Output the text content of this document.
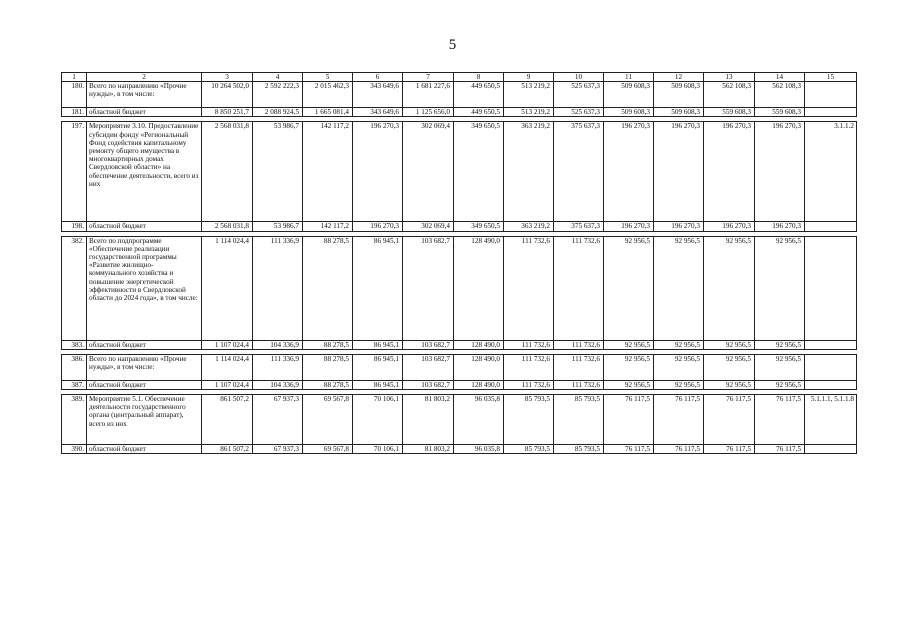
5
1	2	3	4	5	6	7	8	9	10	11	12	13	14	15
180.	Всего по направлению «Прочие нужды», в том числе:	10 264 502,0	2 592 222,3	2 015 462,3	343 649,6	1 681 227,6	449 650,5	513 219,2	525 637,3	509 608,3	509 608,3	562 108,3	562 108,3	
181.	областной бюджет	8 850 251,7	2 088 924,5	1 665 081,4	343 649,6	1 125 656,0	449 650,5	513 219,2	525 637,3	509 608,3	509 608,3	559 608,3	559 608,3	

197.	Мероприятие 3.10. Предоставление субсидии фонду «Региональный Фонд содействия капитальному ремонту общего имущества в многоквартирных домах Свердловской области» на обеспечение деятельности, всего из них	2 568 031,8	53 986,7	142 117,2	196 270,3	302 069,4	349 650,5	363 219,2	375 637,3	196 270,3	196 270,3	196 270,3	196 270,3	3.1.1.2
198.	областной бюджет	2 568 031,8	53 986,7	142 117,2	196 270,3	302 069,4	349 650,5	363 219,2	375 637,3	196 270,3	196 270,3	196 270,3	196 270,3	

382.	Всего по подпрограмме «Обеспечение реализации государственной программы «Развитие жилищно-коммунального хозяйства и повышение энергетической эффективности в Свердловской области до 2024 года», в том числе:	1 114 024,4	111 336,9	88 278,5	86 945,1	103 682,7	128 490,0	111 732,6	111 732,6	92 956,5	92 956,5	92 956,5	92 956,5	
383.	областной бюджет	1 107 024,4	104 336,9	88 278,5	86 945,1	103 682,7	128 490,0	111 732,6	111 732,6	92 956,5	92 956,5	92 956,5	92 956,5	

386.	Всего по направлению «Прочие нужды», в том числе:	1 114 024,4	111 336,9	88 278,5	86 945,1	103 682,7	128 490,0	111 732,6	111 732,6	92 956,5	92 956,5	92 956,5	92 956,5	
387.	областной бюджет	1 107 024,4	104 336,9	88 278,5	86 945,1	103 682,7	128 490,0	111 732,6	111 732,6	92 956,5	92 956,5	92 956,5	92 956,5	

389.	Мероприятие 5.1. Обеспечение деятельности государственного органа (центральный аппарат), всего из них	861 507,2	67 937,3	69 567,8	70 106,1	81 803,2	96 035,8	85 793,5	85 793,5	76 117,5	76 117,5	76 117,5	76 117,5	5.1.1.1, 5.1.1.8
390.	областной бюджет	861 507,2	67 937,3	69 567,8	70 106,1	81 803,2	96 035,8	85 793,5	85 793,5	76 117,5	76 117,5	76 117,5	76 117,5	
